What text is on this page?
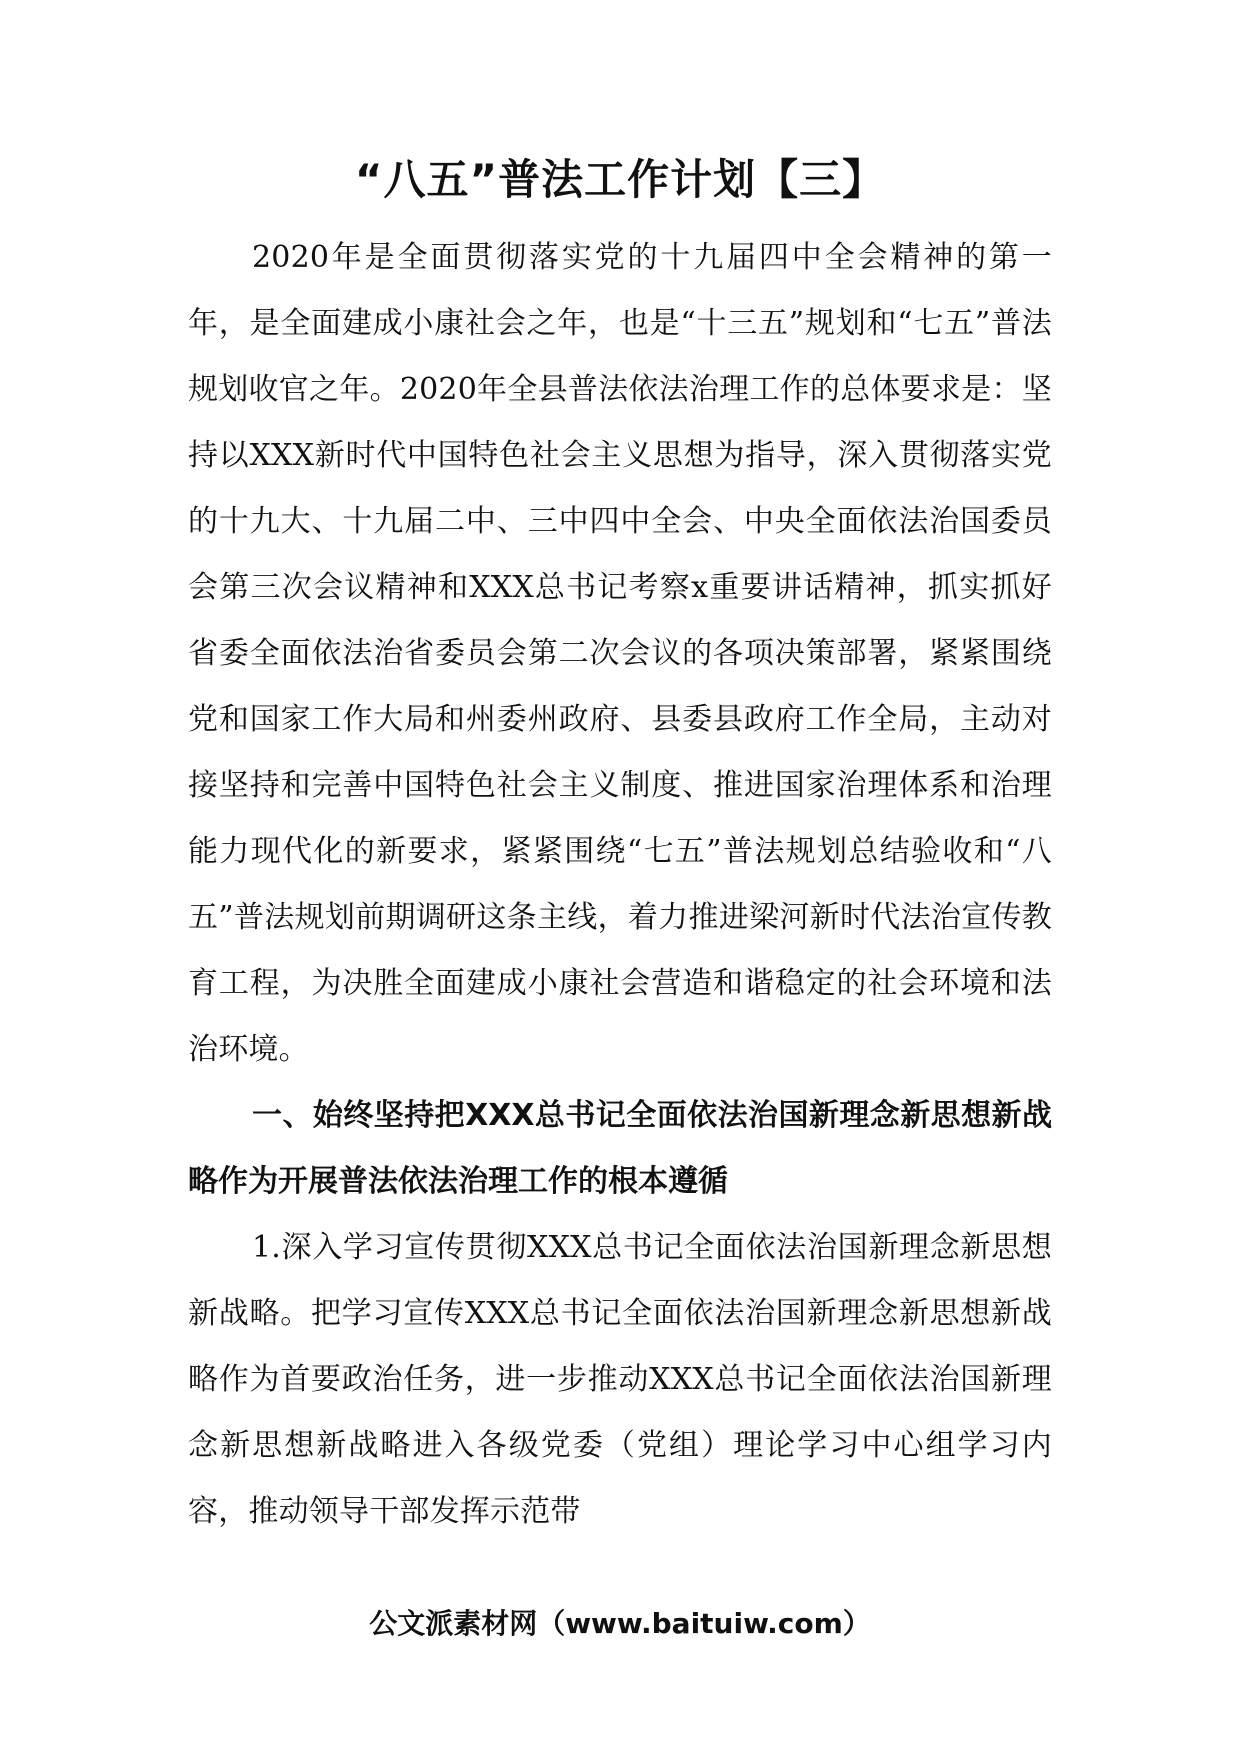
“八五”普法工作计划【三】

2020年是全面贯彻落实党的十九届四中全会精神的第一年，是全面建成小康社会之年，也是“十三五”规划和“七五”普法规划收官之年。2020年全县普法依法治理工作的总体要求是：坚持以XXX新时代中国特色社会主义思想为指导，深入贯彻落实党的十九大、十九届二中、三中四中全会、中央全面依法治国委员会第三次会议精神和XXX总书记考察x重要讲话精神，抓实抓好省委全面依法治省委员会第二次会议的各项决策部署，紧紧围绕党和国家工作大局和州委州政府、县委县政府工作全局，主动对接坚持和完善中国特色社会主义制度、推进国家治理体系和治理能力现代化的新要求，紧紧围绕“七五”普法规划总结验收和“八五”普法规划前期调研这条主线，着力推进梁河新时代法治宣传教育工程，为决胜全面建成小康社会营造和谐稳定的社会环境和法治环境。

一、始终坚持把XXX总书记全面依法治国新理念新思想新战略作为开展普法依法治理工作的根本遵循

1.深入学习宣传贯彻XXX总书记全面依法治国新理念新思想新战略。把学习宣传XXX总书记全面依法治国新理念新思想新战略作为首要政治任务，进一步推动XXX总书记全面依法治国新理念新思想新战略进入各级党委（党组）理论学习中心组学习内容，推动领导干部发挥示范带

公文派素材网（www.baituiw.com）
